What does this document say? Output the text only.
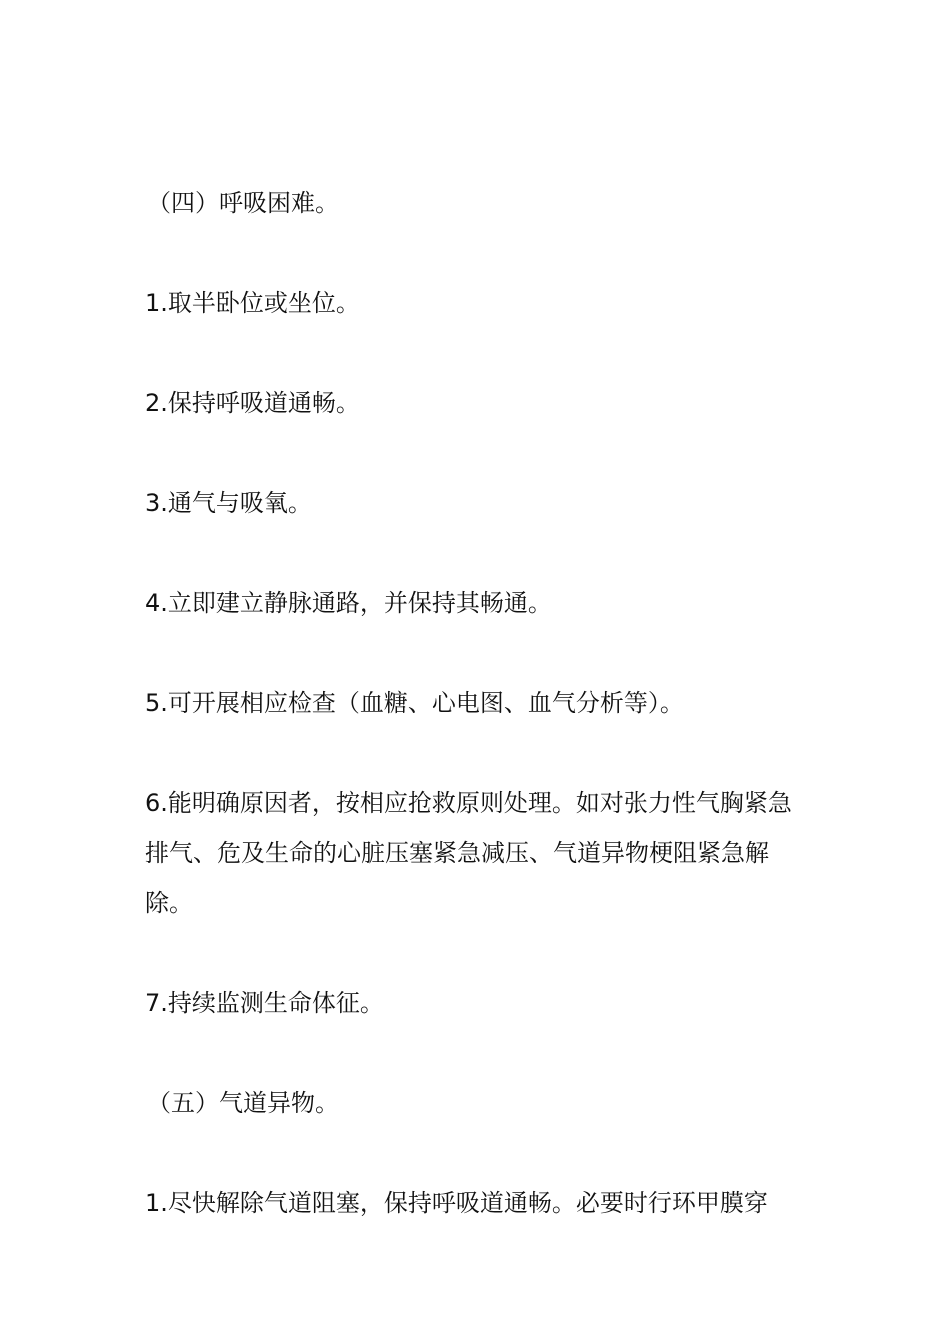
（四）呼吸困难。

1.取半卧位或坐位。

2.保持呼吸道通畅。

3.通气与吸氧。

4.立即建立静脉通路，并保持其畅通。

5.可开展相应检查（血糖、心电图、血气分析等）。

6.能明确原因者，按相应抢救原则处理。如对张力性气胸紧急排气、危及生命的心脏压塞紧急减压、气道异物梗阻紧急解除。

7.持续监测生命体征。

（五）气道异物。

1.尽快解除气道阻塞，保持呼吸道通畅。必要时行环甲膜穿
